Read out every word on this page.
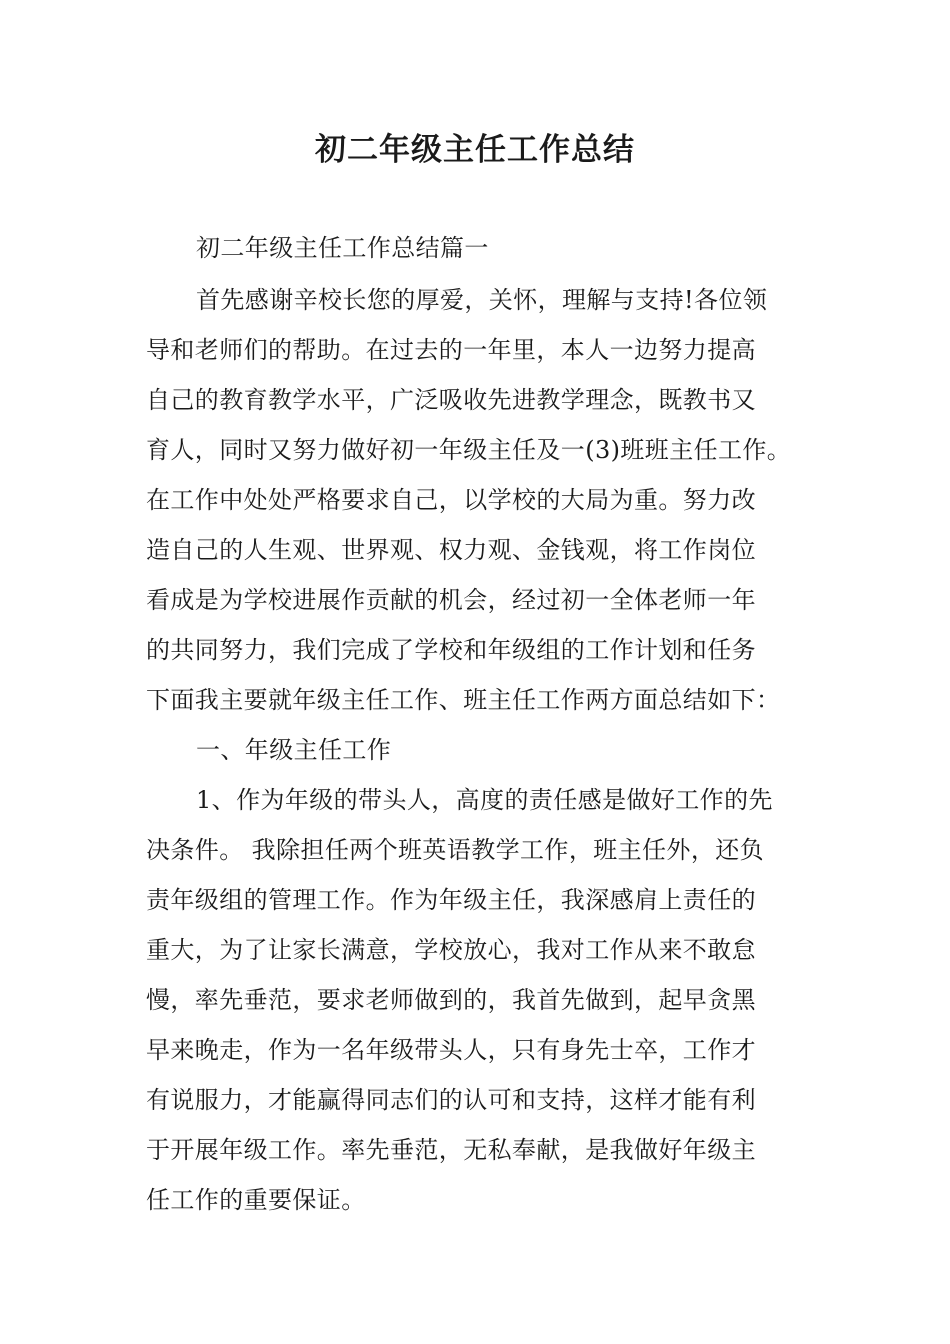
初二年级主任工作总结
初二年级主任工作总结篇一
首先感谢辛校长您的厚爱，关怀，理解与支持!各位领
导和老师们的帮助。在过去的一年里，本人一边努力提高
自己的教育教学水平，广泛吸收先进教学理念，既教书又
育人，同时又努力做好初一年级主任及一(3)班班主任工作。
在工作中处处严格要求自己，以学校的大局为重。努力改
造自己的人生观、世界观、权力观、金钱观，将工作岗位
看成是为学校进展作贡献的机会，经过初一全体老师一年
的共同努力，我们完成了学校和年级组的工作计划和任务
下面我主要就年级主任工作、班主任工作两方面总结如下：
一、年级主任工作
1、作为年级的带头人，高度的责任感是做好工作的先
决条件。 我除担任两个班英语教学工作，班主任外，还负
责年级组的管理工作。作为年级主任，我深感肩上责任的
重大，为了让家长满意，学校放心，我对工作从来不敢怠
慢，率先垂范，要求老师做到的，我首先做到，起早贪黑
早来晚走，作为一名年级带头人，只有身先士卒，工作才
有说服力，才能赢得同志们的认可和支持，这样才能有利
于开展年级工作。率先垂范，无私奉献，是我做好年级主
任工作的重要保证。
